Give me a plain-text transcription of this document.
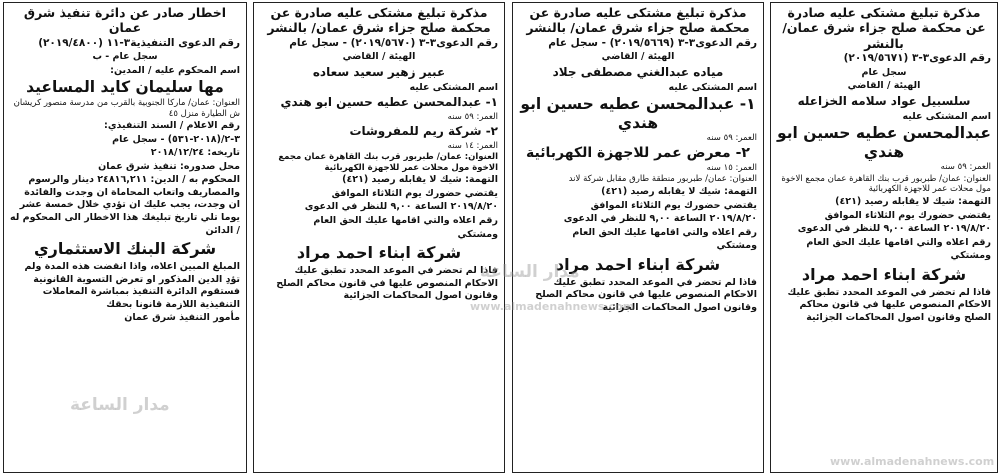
مذكرة تبليغ مشتكى عليه صادرة عن محكمة صلح جزاء شرق عمان/ بالنشر
رقم الدعوى٣-٣ (٢٠١٩/٥٦٧١)
سجل عام
الهيئة / القاضي
سلسبيل عواد سلامه الخزاعله
اسم المشتكى عليه
عبدالمحسن عطيه حسين ابو هندي
العمر: ٥٩ سنه
العنوان: عمان/ طبربور قرب بنك القاهرة عمان مجمع الاخوة مول محلات عمر للاجهزة الكهربائية
التهمة: شيك لا يقابله رصيد (٤٢١)
يقتضي حضورك يوم الثلاثاء الموافق
٢٠١٩/٨/٢٠ الساعة ٩,٠٠ للنظر في الدعوى
رقم اعلاه والتي اقامها عليك الحق العام
ومشتكي
شركة ابناء احمد مراد
فاذا لم تحضر في الموعد المحدد تطبق عليك الاحكام المنصوص عليها في قانون محاكم الصلح وقانون اصول المحاكمات الجزائية
مذكرة تبليغ مشتكى عليه صادرة عن محكمة صلح جزاء شرق عمان/ بالنشر
رقم الدعوى٣-٣ (٢٠١٩/٥٦٦٩) - سجل عام
الهيئة / القاضي
مياده عبدالغني مصطفى جلاد
اسم المشتكى عليه
١- عبدالمحسن عطيه حسين ابو هندي
العمر: ٥٩ سنه
٢- معرض عمر للاجهزة الكهربائية
العمر: ١٥ سنه
العنوان: عمان/ طبربور منطقة طارق مقابل شركة لاند
التهمة: شيك لا يقابله رصيد (٤٢١)
يقتضي حضورك يوم الثلاثاء الموافق
٢٠١٩/٨/٢٠ الساعة ٩,٠٠ للنظر في الدعوى
رقم اعلاه والتي اقامها عليك الحق العام
ومشتكي
شركة ابناء احمد مراد
فاذا لم تحضر في الموعد المحدد تطبق عليك الاحكام المنصوص عليها في قانون محاكم الصلح وقانون اصول المحاكمات الجزائية
مذكرة تبليغ مشتكى عليه صادرة عن محكمة صلح جزاء شرق عمان/ بالنشر
رقم الدعوى٣-٣ (٢٠١٩/٥٦٧٠) - سجل عام
الهيئة / القاضي
عبير زهير سعيد سعاده
اسم المشتكى عليه
١- عبدالمحسن عطيه حسين ابو هندي
العمر: ٥٩ سنه
٢- شركة ريم للمفروشات
العمر: ١٤ سنه
العنوان: عمان/ طبربور قرب بنك القاهرة عمان مجمع الاخوة مول محلات عمر للاجهزة الكهربائية
التهمة: شيك لا يقابله رصيد (٤٢١)
يقتضي حضورك يوم الثلاثاء الموافق
٢٠١٩/٨/٢٠ الساعة ٩,٠٠ للنظر في الدعوى
رقم اعلاه والتي اقامها عليك الحق العام
ومشتكي
شركة ابناء احمد مراد
فاذا لم تحضر في الموعد المحدد تطبق عليك الاحكام المنصوص عليها في قانون محاكم الصلح وقانون اصول المحاكمات الجزائية
اخطار صادر عن دائرة تنفيذ شرق عمان
رقم الدعوى التنفيذية٣-١١ (٢٠١٩/٤٨٠٠)
سجل عام - ب
اسم المحكوم عليه / المدين:
مها سليمان كايد المساعيد
العنوان: عمان/ ماركا الجنوبية بالقرب من مدرسة منصور كريشان ش الطيارة منزل ٤٥
رقم الاعلام / السند التنفيذي:
٣-٢/(٢٠١٨-٥٣١) - سجل عام
تاريخه: ٢٠١٨/١٢/٢٤
محل صدوره: تنفيذ شرق عمان
المحكوم به / الدين: ٢٤٨١٦,٢١١ دينار والرسوم والمصاريف واتعاب المحاماة ان وجدت والفائدة ان وجدت، يجب عليك ان تؤدي خلال خمسة عشر يوما تلي تاريخ تبليغك هذا الاخطار الى المحكوم له / الدائن
شركة البنك الاستثماري
المبلغ المبين اعلاه، واذا انقضت هذه المدة ولم تؤدِ الدين المذكور او تعرض التسوية القانونية فستقوم الدائرة التنفيذ بمباشرة المعاملات التنفيذية اللازمة قانونا بحقك
مأمور التنفيذ شرق عمان
مدار الساعة
www.almadenahnews.com
مدار الساعة
www.almadenahnews.com
